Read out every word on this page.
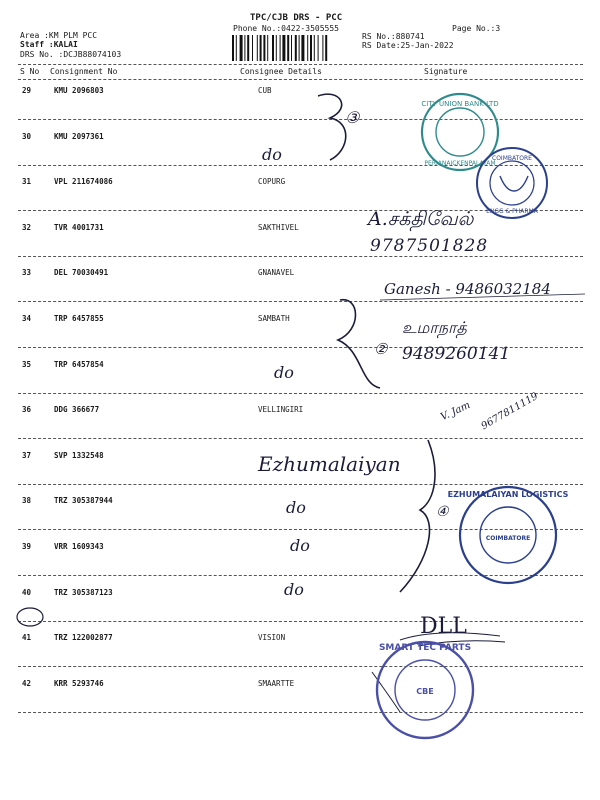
TPC/CJB DRS - PCC
Phone No.:0422-3505555	Page No.:3
Area :KM PLM PCC
Staff :KALAI
DRS No. :DCJB88074103
RS No.:880741
RS Date:25-Jan-2022
S No Consignment No	Consignee Details	Signature
29	KMU 2096803	CUB
30	KMU 2097361
31	VPL 211674086	COPURG
32	TVR 4001731	SAKTHIVEL
33	DEL 70030491	GNANAVEL
34	TRP 6457855	SAMBATH
35	TRP 6457854
36	DDG 366677	VELLINGIRI
37	SVP 1332548
38	TRZ 305387944
39	VRR 1609343
40	TRZ 305387123
41	TRZ 122002877	VISION
42	KRR 5293746	SMAARTTE
CITY UNION BANK LTD
PERIANAICKENPALAYAM
COIMBATORE
ENGG & PHARMA
EZHUMALAIYAN LOGISTICS
COIMBATORE
SMART TEC PARTS
CBE
③
do
A.சக்திவேல்
9787501828
Ganesh - 9486032184
உமாநாத்
9489260141
②
do
V. Jam 9677811119
Ezhumalaiyan
④
do
do
do
DLL
